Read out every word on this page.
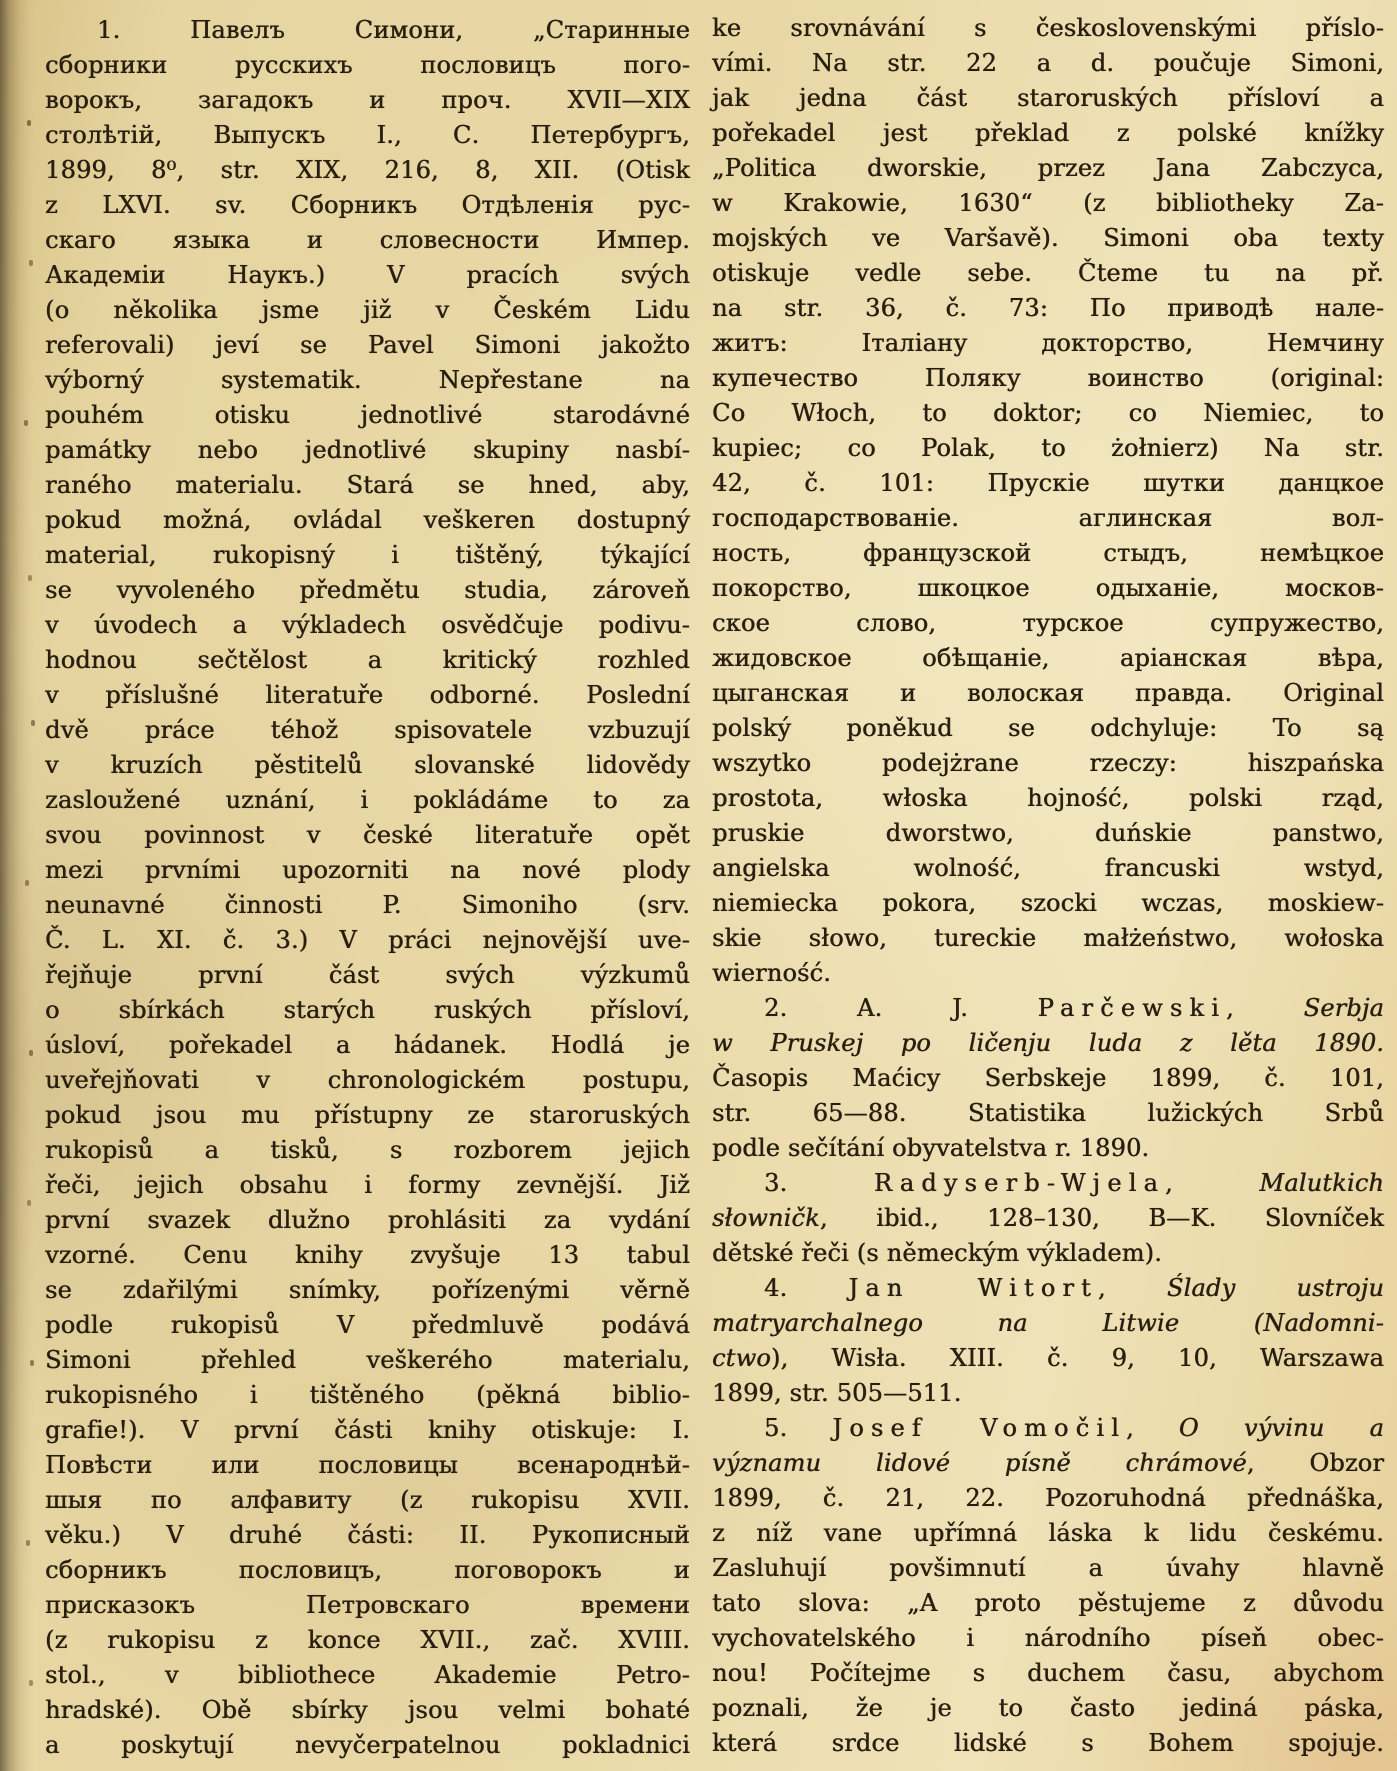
1. Павелъ Симони, „Старинные
сборники русскихъ пословицъ пого-
ворокъ, загадокъ и проч. XVII—XIX
столѣтій, Выпускъ I., С. Петербургъ,
1899, 8⁰, str. XIX, 216, 8, XII. (Otisk
z LXVI. sv. Сборникъ Отдѣленія рус-
скаго языка и словесности Импер.
Академіи Наукъ.) V pracích svých
(o několika jsme již v Českém Lidu
referovali) jeví se Pavel Simoni jakožto
výborný systematik. Nepřestane na
pouhém otisku jednotlivé starodávné
památky nebo jednotlivé skupiny nasbí-
raného materialu. Stará se hned, aby,
pokud možná, ovládal veškeren dostupný
material, rukopisný i tištěný, týkající
se vyvoleného předmětu studia, zároveň
v úvodech a výkladech osvědčuje podivu-
hodnou sečtělost a kritický rozhled
v příslušné literatuře odborné. Poslední
dvě práce téhož spisovatele vzbuzují
v kruzích pěstitelů slovanské lidovědy
zasloužené uznání, i pokládáme to za
svou povinnost v české literatuře opět
mezi prvními upozorniti na nové plody
neunavné činnosti P. Simoniho (srv.
Č. L. XI. č. 3.) V práci nejnovější uve-
řejňuje první část svých výzkumů
o sbírkách starých ruských přísloví,
úsloví, pořekadel a hádanek. Hodlá je
uveřejňovati v chronologickém postupu,
pokud jsou mu přístupny ze staroruských
rukopisů a tisků, s rozborem jejich
řeči, jejich obsahu i formy zevnější. Již
první svazek dlužno prohlásiti za vydání
vzorné. Cenu knihy zvyšuje 13 tabul
se zdařilými snímky, pořízenými věrně
podle rukopisů V předmluvě podává
Simoni přehled veškerého materialu,
rukopisného i tištěného (pěkná biblio-
grafie!). V první části knihy otiskuje: I.
Повѣсти или пословицы всенароднѣй-
шыя по алфавиту (z rukopisu XVII.
věku.) V druhé části: II. Рукописный
сборникъ пословицъ, поговорокъ и
присказокъ Петровскаго времени
(z rukopisu z konce XVII., zač. XVIII.
stol., v bibliothece Akademie Petro-
hradské). Obě sbírky jsou velmi bohaté
a poskytují nevyčerpatelnou pokladnici
ke srovnávání s československými příslo-
vími. Na str. 22 a d. poučuje Simoni,
jak jedna část staroruských přísloví a
pořekadel jest překlad z polské knížky
„Politica dworskie, przez Jana Zabczyca,
w Krakowie, 1630“ (z bibliotheky Za-
mojských ve Varšavě). Simoni oba texty
otiskuje vedle sebe. Čteme tu na př.
na str. 36, č. 73: По приводѣ нале-
житъ: Італіану докторство, Немчину
купечество Поляку воинство (original:
Co Włoch, to doktor; co Niemiec, to
kupiec; co Polak, to żołnierz) Na str.
42, č. 101: Прускіе шутки данцкое
господарствованіе. аглинская вол-
ность, французской стыдъ, немѣцкое
покорство, шкоцкое одыханіе, москов-
ское слово, турское супружество,
жидовское обѣщаніе, аріанская вѣра,
цыганская и волоская правда. Original
polský poněkud se odchyluje: To są
wszytko podejżrane rzeczy: hiszpańska
prostota, włoska hojność, polski rząd,
pruskie dworstwo, duńskie panstwo,
angielska wolność, francuski wstyd,
niemiecka pokora, szocki wczas, moskiew-
skie słowo, tureckie małżeństwo, wołoska
wierność.
2. A. J. Parčewski, Serbja
w Pruskej po ličenju luda z lěta 1890.
Časopis Maćicy Serbskeje 1899, č. 101,
str. 65—88. Statistika lužických Srbů
podle sečítání obyvatelstva r. 1890.
3. Radyserb-Wjela, Malutkich
słowničk, ibid., 128–130, B—K. Slovníček
dětské řeči (s německým výkladem).
4. Jan Witort, Ślady ustroju
matryarchalnego na Litwie (Nadomni-
ctwo), Wisła. XIII. č. 9, 10, Warszawa
1899, str. 505—511.
5. Josef Vomočil, O vývinu a
významu lidové písně chrámové, Obzor
1899, č. 21, 22. Pozoruhodná přednáška,
z níž vane upřímná láska k lidu českému.
Zasluhují povšimnutí a úvahy hlavně
tato slova: „A proto pěstujeme z důvodu
vychovatelského i národního píseň obec-
nou! Počítejme s duchem času, abychom
poznali, že je to často jediná páska,
která srdce lidské s Bohem spojuje.
